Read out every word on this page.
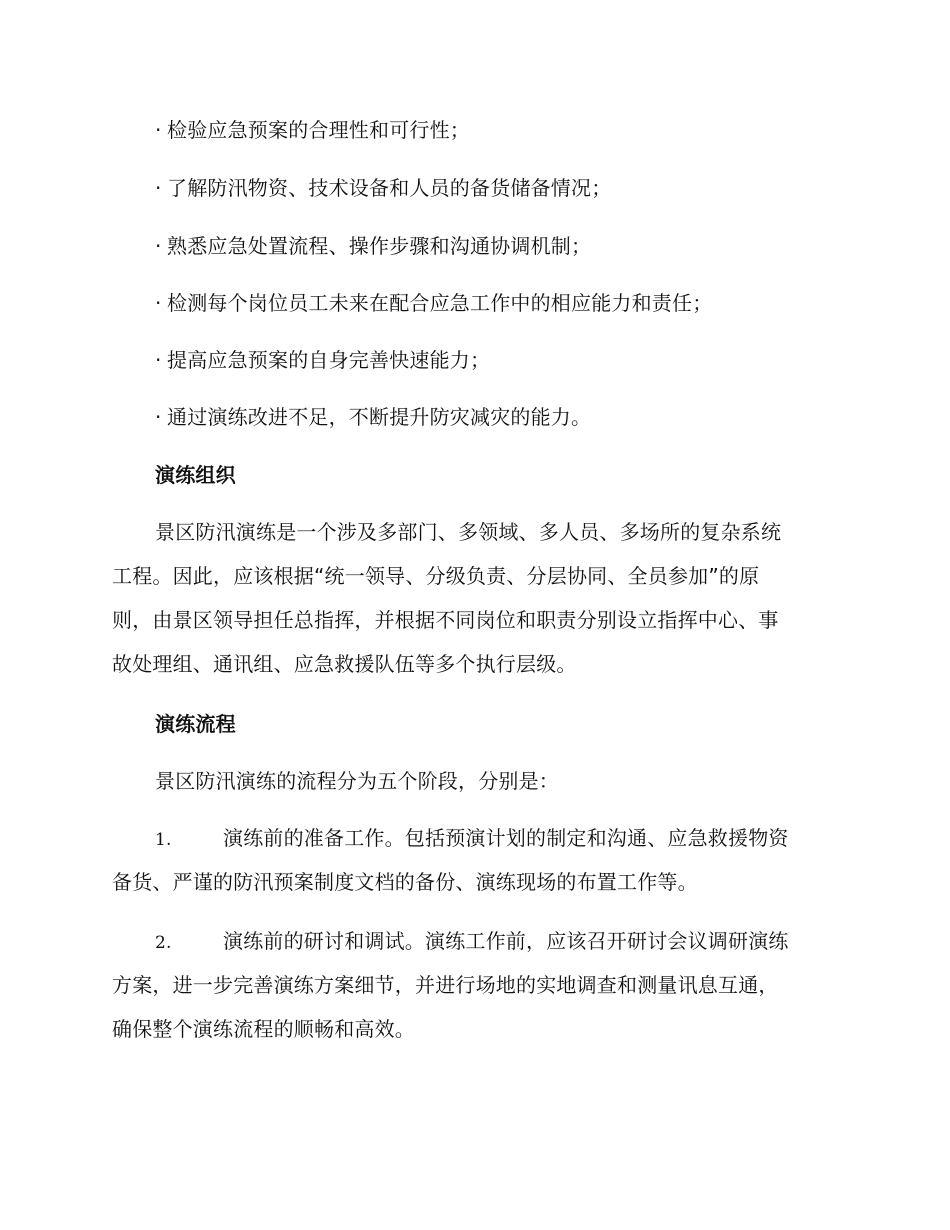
· 检验应急预案的合理性和可行性；
· 了解防汛物资、技术设备和人员的备货储备情况；
· 熟悉应急处置流程、操作步骤和沟通协调机制；
· 检测每个岗位员工未来在配合应急工作中的相应能力和责任；
· 提高应急预案的自身完善快速能力；
· 通过演练改进不足，不断提升防灾减灾的能力。
演练组织
景区防汛演练是一个涉及多部门、多领域、多人员、多场所的复杂系统
工程。因此，应该根据“统一领导、分级负责、分层协同、全员参加”的原
则，由景区领导担任总指挥，并根据不同岗位和职责分别设立指挥中心、事
故处理组、通讯组、应急救援队伍等多个执行层级。
演练流程
景区防汛演练的流程分为五个阶段，分别是：
1.	演练前的准备工作。包括预演计划的制定和沟通、应急救援物资
备货、严谨的防汛预案制度文档的备份、演练现场的布置工作等。
2.	演练前的研讨和调试。演练工作前，应该召开研讨会议调研演练
方案，进一步完善演练方案细节，并进行场地的实地调查和测量讯息互通，
确保整个演练流程的顺畅和高效。
